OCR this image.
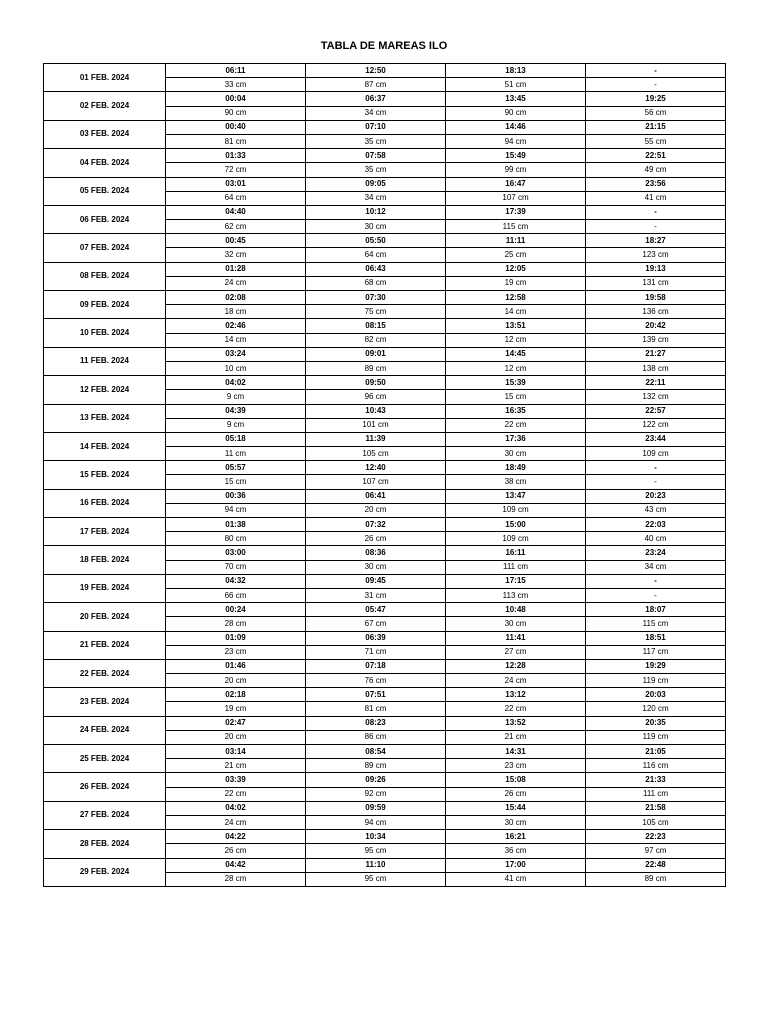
TABLA DE MAREAS ILO
01 FEB. 2024	06:11	12:50	18:13	-
	33 cm	87 cm	51 cm	-
02 FEB. 2024	00:04	06:37	13:45	19:25
	90 cm	34 cm	90 cm	56 cm
03 FEB. 2024	00:40	07:10	14:46	21:15
	81 cm	35 cm	94 cm	55 cm
04 FEB. 2024	01:33	07:58	15:49	22:51
	72 cm	35 cm	99 cm	49 cm
05 FEB. 2024	03:01	09:05	16:47	23:56
	64 cm	34 cm	107 cm	41 cm
06 FEB. 2024	04:40	10:12	17:39	-
	62 cm	30 cm	115 cm	-
07 FEB. 2024	00:45	05:50	11:11	18:27
	32 cm	64 cm	25 cm	123 cm
08 FEB. 2024	01:28	06:43	12:05	19:13
	24 cm	68 cm	19 cm	131 cm
09 FEB. 2024	02:08	07:30	12:58	19:58
	18 cm	75 cm	14 cm	136 cm
10 FEB. 2024	02:46	08:15	13:51	20:42
	14 cm	82 cm	12 cm	139 cm
11 FEB. 2024	03:24	09:01	14:45	21:27
	10 cm	89 cm	12 cm	138 cm
12 FEB. 2024	04:02	09:50	15:39	22:11
	9 cm	96 cm	15 cm	132 cm
13 FEB. 2024	04:39	10:43	16:35	22:57
	9 cm	101 cm	22 cm	122 cm
14 FEB. 2024	05:18	11:39	17:36	23:44
	11 cm	105 cm	30 cm	109 cm
15 FEB. 2024	05:57	12:40	18:49	-
	15 cm	107 cm	38 cm	-
16 FEB. 2024	00:36	06:41	13:47	20:23
	94 cm	20 cm	109 cm	43 cm
17 FEB. 2024	01:38	07:32	15:00	22:03
	80 cm	26 cm	109 cm	40 cm
18 FEB. 2024	03:00	08:36	16:11	23:24
	70 cm	30 cm	111 cm	34 cm
19 FEB. 2024	04:32	09:45	17:15	-
	66 cm	31 cm	113 cm	-
20 FEB. 2024	00:24	05:47	10:48	18:07
	28 cm	67 cm	30 cm	115 cm
21 FEB. 2024	01:09	06:39	11:41	18:51
	23 cm	71 cm	27 cm	117 cm
22 FEB. 2024	01:46	07:18	12:28	19:29
	20 cm	76 cm	24 cm	119 cm
23 FEB. 2024	02:18	07:51	13:12	20:03
	19 cm	81 cm	22 cm	120 cm
24 FEB. 2024	02:47	08:23	13:52	20:35
	20 cm	86 cm	21 cm	119 cm
25 FEB. 2024	03:14	08:54	14:31	21:05
	21 cm	89 cm	23 cm	116 cm
26 FEB. 2024	03:39	09:26	15:08	21:33
	22 cm	92 cm	26 cm	111 cm
27 FEB. 2024	04:02	09:59	15:44	21:58
	24 cm	94 cm	30 cm	105 cm
28 FEB. 2024	04:22	10:34	16:21	22:23
	26 cm	95 cm	36 cm	97 cm
29 FEB. 2024	04:42	11:10	17:00	22:48
	28 cm	95 cm	41 cm	89 cm
